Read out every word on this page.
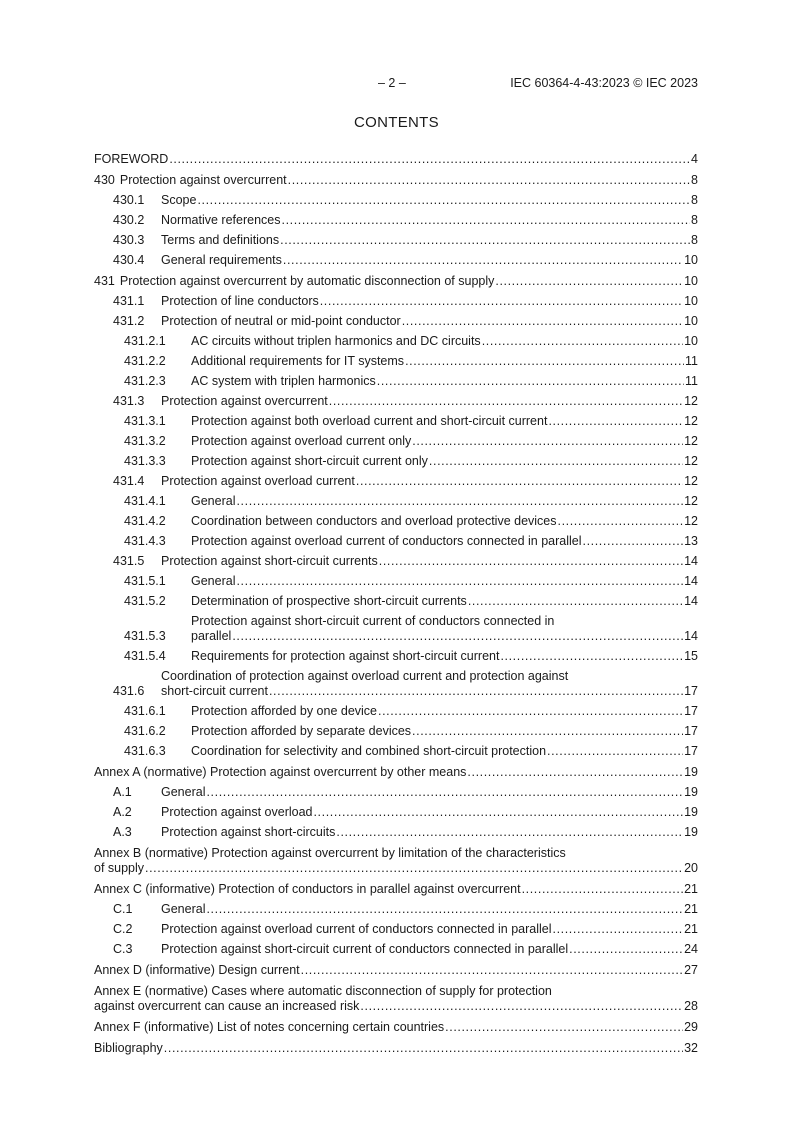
– 2 –	IEC 60364-4-43:2023 © IEC 2023
CONTENTS
FOREWORD .....	4
430 Protection against overcurrent .....	8
430.1	Scope .....	8
430.2	Normative references .....	8
430.3	Terms and definitions .....	8
430.4	General requirements .....	10
431 Protection against overcurrent by automatic disconnection of supply .....	10
431.1	Protection of line conductors .....	10
431.2	Protection of neutral or mid-point conductor .....	10
431.2.1	AC circuits without triplen harmonics and DC circuits .....	10
431.2.2	Additional requirements for IT systems .....	11
431.2.3	AC system with triplen harmonics .....	11
431.3	Protection against overcurrent .....	12
431.3.1	Protection against both overload current and short-circuit current .....	12
431.3.2	Protection against overload current only .....	12
431.3.3	Protection against short-circuit current only .....	12
431.4	Protection against overload current .....	12
431.4.1	General .....	12
431.4.2	Coordination between conductors and overload protective devices .....	12
431.4.3	Protection against overload current of conductors connected in parallel .....	13
431.5	Protection against short-circuit currents .....	14
431.5.1	General .....	14
431.5.2	Determination of prospective short-circuit currents .....	14
431.5.3
Protection against short-circuit current of conductors connected in
parallel .....	14
431.5.4	Requirements for protection against short-circuit current .....	15
431.6
Coordination of protection against overload current and protection against
short-circuit current .....	17
431.6.1	Protection afforded by one device .....	17
431.6.2	Protection afforded by separate devices .....	17
431.6.3	Coordination for selectivity and combined short-circuit protection .....	17
Annex A (normative) Protection against overcurrent by other means .....	19
A.1	General .....	19
A.2	Protection against overload .....	19
A.3	Protection against short-circuits .....	19
Annex B (normative) Protection against overcurrent by limitation of the characteristics
of supply .....	20
Annex C (informative) Protection of conductors in parallel against overcurrent .....	21
C.1	General .....	21
C.2	Protection against overload current of conductors connected in parallel .....	21
C.3	Protection against short-circuit current of conductors connected in parallel .....	24
Annex D (informative) Design current .....	27
Annex E (normative) Cases where automatic disconnection of supply for protection
against overcurrent can cause an increased risk .....	28
Annex F (informative) List of notes concerning certain countries .....	29
Bibliography .....	32
